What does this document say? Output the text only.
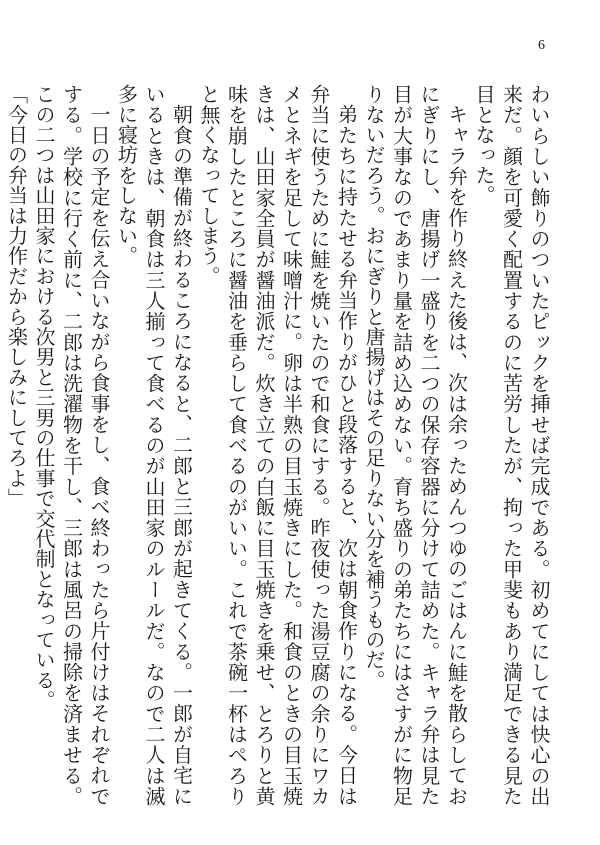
6

わいらしい飾りのついたピックを挿せば完成である。初めてにしては快心の出来だ。顔を可愛く配置するのに苦労したが、拘った甲斐もあり満足できる見た目となった。

キャラ弁を作り終えた後は、次は余っためんつゆのごはんに鮭を散らしておにぎりにし、唐揚げ一盛りを二つの保存容器に分けて詰めた。キャラ弁は見た目が大事なのであまり量を詰め込めない。育ち盛りの弟たちにはさすがに物足りないだろう。おにぎりと唐揚げはその足りない分を補うものだ。

弟たちに持たせる弁当作りがひと段落すると、次は朝食作りになる。今日は弁当に使うために鮭を焼いたので和食にする。昨夜使った湯豆腐の余りにワカメとネギを足して味噌汁に。卵は半熟の目玉焼きにした。和食のときの目玉焼きは、山田家全員が醤油派だ。炊き立ての白飯に目玉焼きを乗せ、とろりと黄味を崩したところに醤油を垂らして食べるのがいい。これで茶碗一杯はぺろりと無くなってしまう。

朝食の準備が終わるころになると、二郎と三郎が起きてくる。一郎が自宅にいるときは、朝食は三人揃って食べるのが山田家のルールだ。なので二人は滅多に寝坊をしない。

一日の予定を伝え合いながら食事をし、食べ終わったら片付けはそれぞれでする。学校に行く前に、二郎は洗濯物を干し、三郎は風呂の掃除を済ませる。この二つは山田家における次男と三男の仕事で交代制となっている。

「今日の弁当は力作だから楽しみにしてろよ」
